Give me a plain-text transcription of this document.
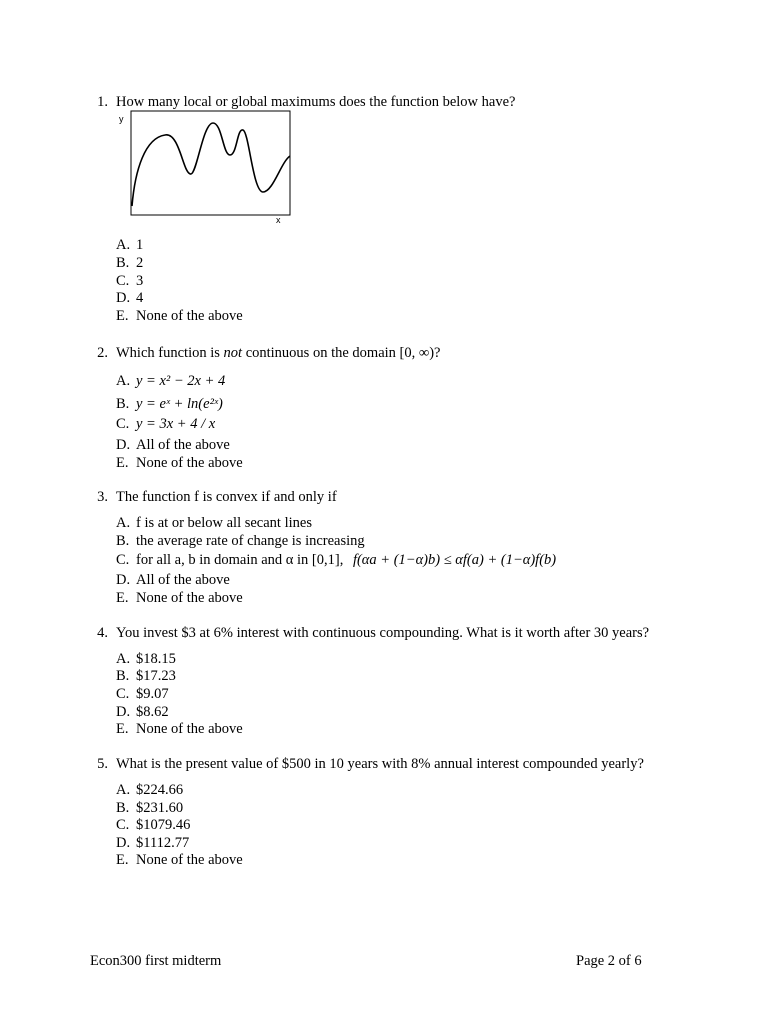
1. How many local or global maximums does the function below have?
y
x
A. 1
B. 2
C. 3
D. 4
E. None of the above
2. Which function is not continuous on the domain [0, ∞)?
A. y = x² − 2x + 4
B. y = eˣ + ln(e²ˣ)
C. y = 3x + 4 / x
D. All of the above
E. None of the above
3. The function f is convex if and only if
A. f is at or below all secant lines
B. the average rate of change is increasing
C. for all a, b in domain and α in [0,1], f(αa + (1−α)b) ≤ αf(a) + (1−α)f(b)
D. All of the above
E. None of the above
4. You invest $3 at 6% interest with continuous compounding. What is it worth after 30 years?
A. $18.15
B. $17.23
C. $9.07
D. $8.62
E. None of the above
5. What is the present value of $500 in 10 years with 8% annual interest compounded yearly?
A. $224.66
B. $231.60
C. $1079.46
D. $1112.77
E. None of the above
Econ300 first midterm	Page 2 of 6
